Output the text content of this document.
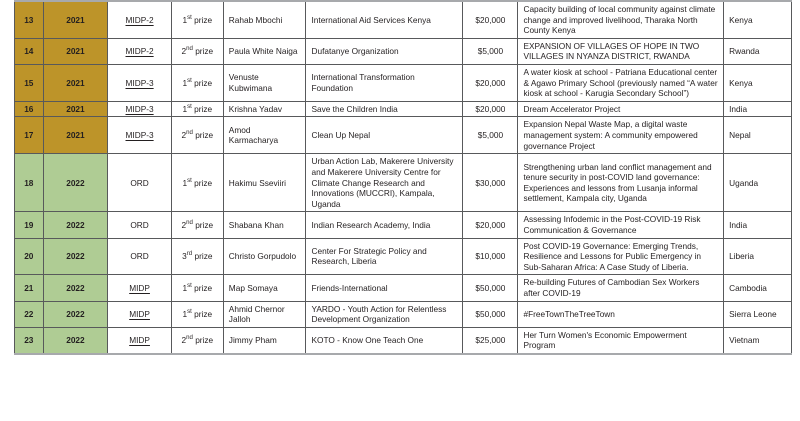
13	2021	MIDP-2	1st prize	Rahab Mbochi	International Aid Services Kenya	$20,000	Capacity building of local community against climate change and improved livelihood, Tharaka North County Kenya	Kenya
14	2021	MIDP-2	2nd prize	Paula White Naiga	Dufatanye Organization	$5,000	EXPANSION OF VILLAGES OF HOPE IN TWO VILLAGES IN NYANZA DISTRICT, RWANDA	Rwanda
15	2021	MIDP-3	1st prize	Venuste Kubwimana	International Transformation Foundation	$20,000	A water kiosk at school - Patriana Educational center & Agawo Primary School (previously named “A water kiosk at school - Karugia Secondary School”)	Kenya
16	2021	MIDP-3	1st prize	Krishna Yadav	Save the Children India	$20,000	Dream Accelerator Project	India
17	2021	MIDP-3	2nd prize	Amod Karmacharya	Clean Up Nepal	$5,000	Expansion Nepal Waste Map, a digital waste management system: A community empowered governance Project	Nepal
18	2022	ORD	1st prize	Hakimu Sseviiri	Urban Action Lab, Makerere University and Makerere University Centre for Climate Change Research and Innovations (MUCCRI), Kampala, Uganda	$30,000	Strengthening urban land conflict management and tenure security in post-COVID land governance: Experiences and lessons from Lusanja informal settlement, Kampala city, Uganda	Uganda
19	2022	ORD	2nd prize	Shabana Khan	Indian Research Academy, India	$20,000	Assessing Infodemic in the Post-COVID-19 Risk Communication & Governance	India
20	2022	ORD	3rd prize	Christo Gorpudolo	Center For Strategic Policy and Research, Liberia	$10,000	Post COVID-19 Governance: Emerging Trends, Resilience and Lessons for Public Emergency in Sub-Saharan Africa: A Case Study of Liberia.	Liberia
21	2022	MIDP	1st prize	Map Somaya	Friends-International	$50,000	Re-building Futures of Cambodian Sex Workers after COVID-19	Cambodia
22	2022	MIDP	1st prize	Ahmid Chernor Jalloh	YARDO - Youth Action for Relentless Development Organization	$50,000	#FreeTownTheTreeTown	Sierra Leone
23	2022	MIDP	2nd prize	Jimmy Pham	KOTO - Know One Teach One	$25,000	Her Turn Women's Economic Empowerment Program	Vietnam
